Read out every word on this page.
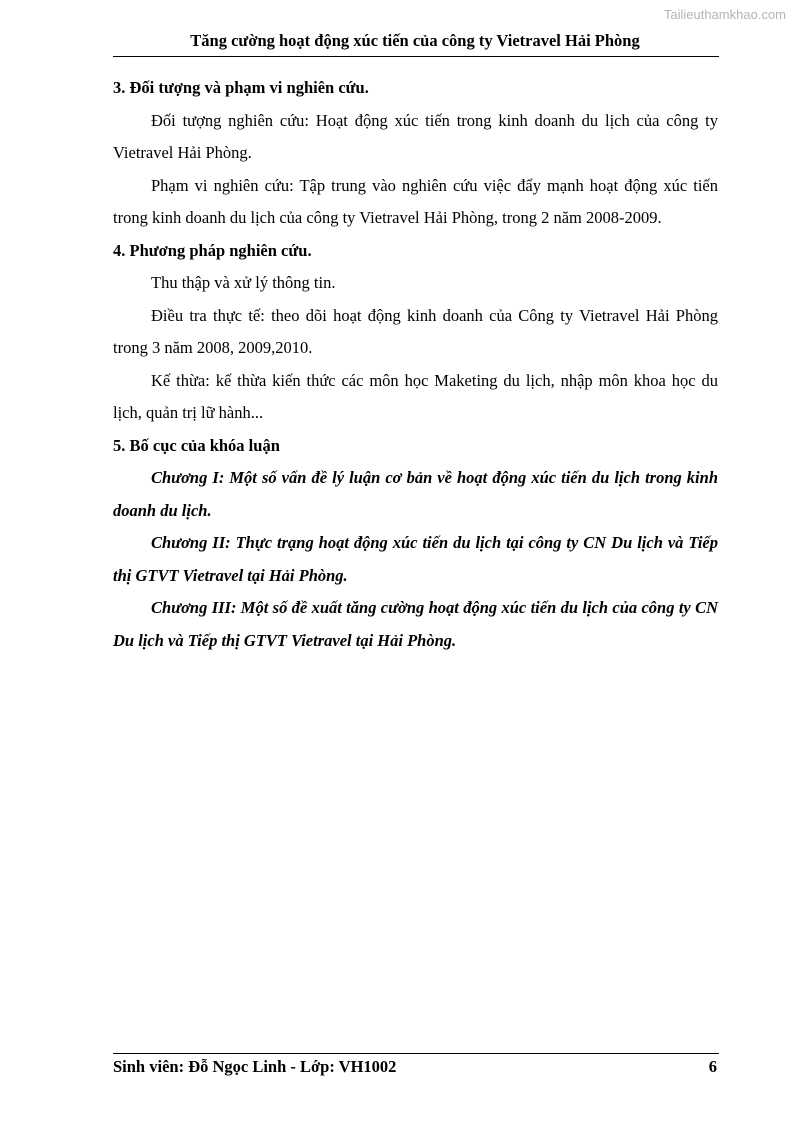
Tailieuthamkhao.com
Tăng cường hoạt động xúc tiến của công ty Vietravel Hải Phòng

3. Đối tượng và phạm vi nghiên cứu.

Đối tượng nghiên cứu: Hoạt động xúc tiến trong kinh doanh du lịch của công ty Vietravel Hải Phòng.

Phạm vi nghiên cứu: Tập trung vào nghiên cứu việc đẩy mạnh hoạt động xúc tiến trong kinh doanh du lịch của công ty Vietravel Hải Phòng, trong 2 năm 2008-2009.

4. Phương pháp nghiên cứu.

Thu thập và xử lý thông tin.

Điều tra thực tế: theo dõi hoạt động kinh doanh của Công ty Vietravel Hải Phòng trong 3 năm 2008, 2009,2010.

Kế thừa: kế thừa kiến thức các môn học Maketing du lịch, nhập môn khoa học du lịch, quản trị lữ hành...

5. Bố cục của khóa luận

Chương I: Một số vấn đề lý luận cơ bản về hoạt động xúc tiến du lịch trong kinh doanh du lịch.

Chương II: Thực trạng hoạt động xúc tiến du lịch tại công ty CN Du lịch và Tiếp thị GTVT Vietravel tại Hải Phòng.

Chương III: Một số đề xuất tăng cường hoạt động xúc tiến du lịch của công ty CN Du lịch và Tiếp thị GTVT Vietravel tại Hải Phòng.

Sinh viên: Đỗ Ngọc Linh - Lớp: VH1002	6
